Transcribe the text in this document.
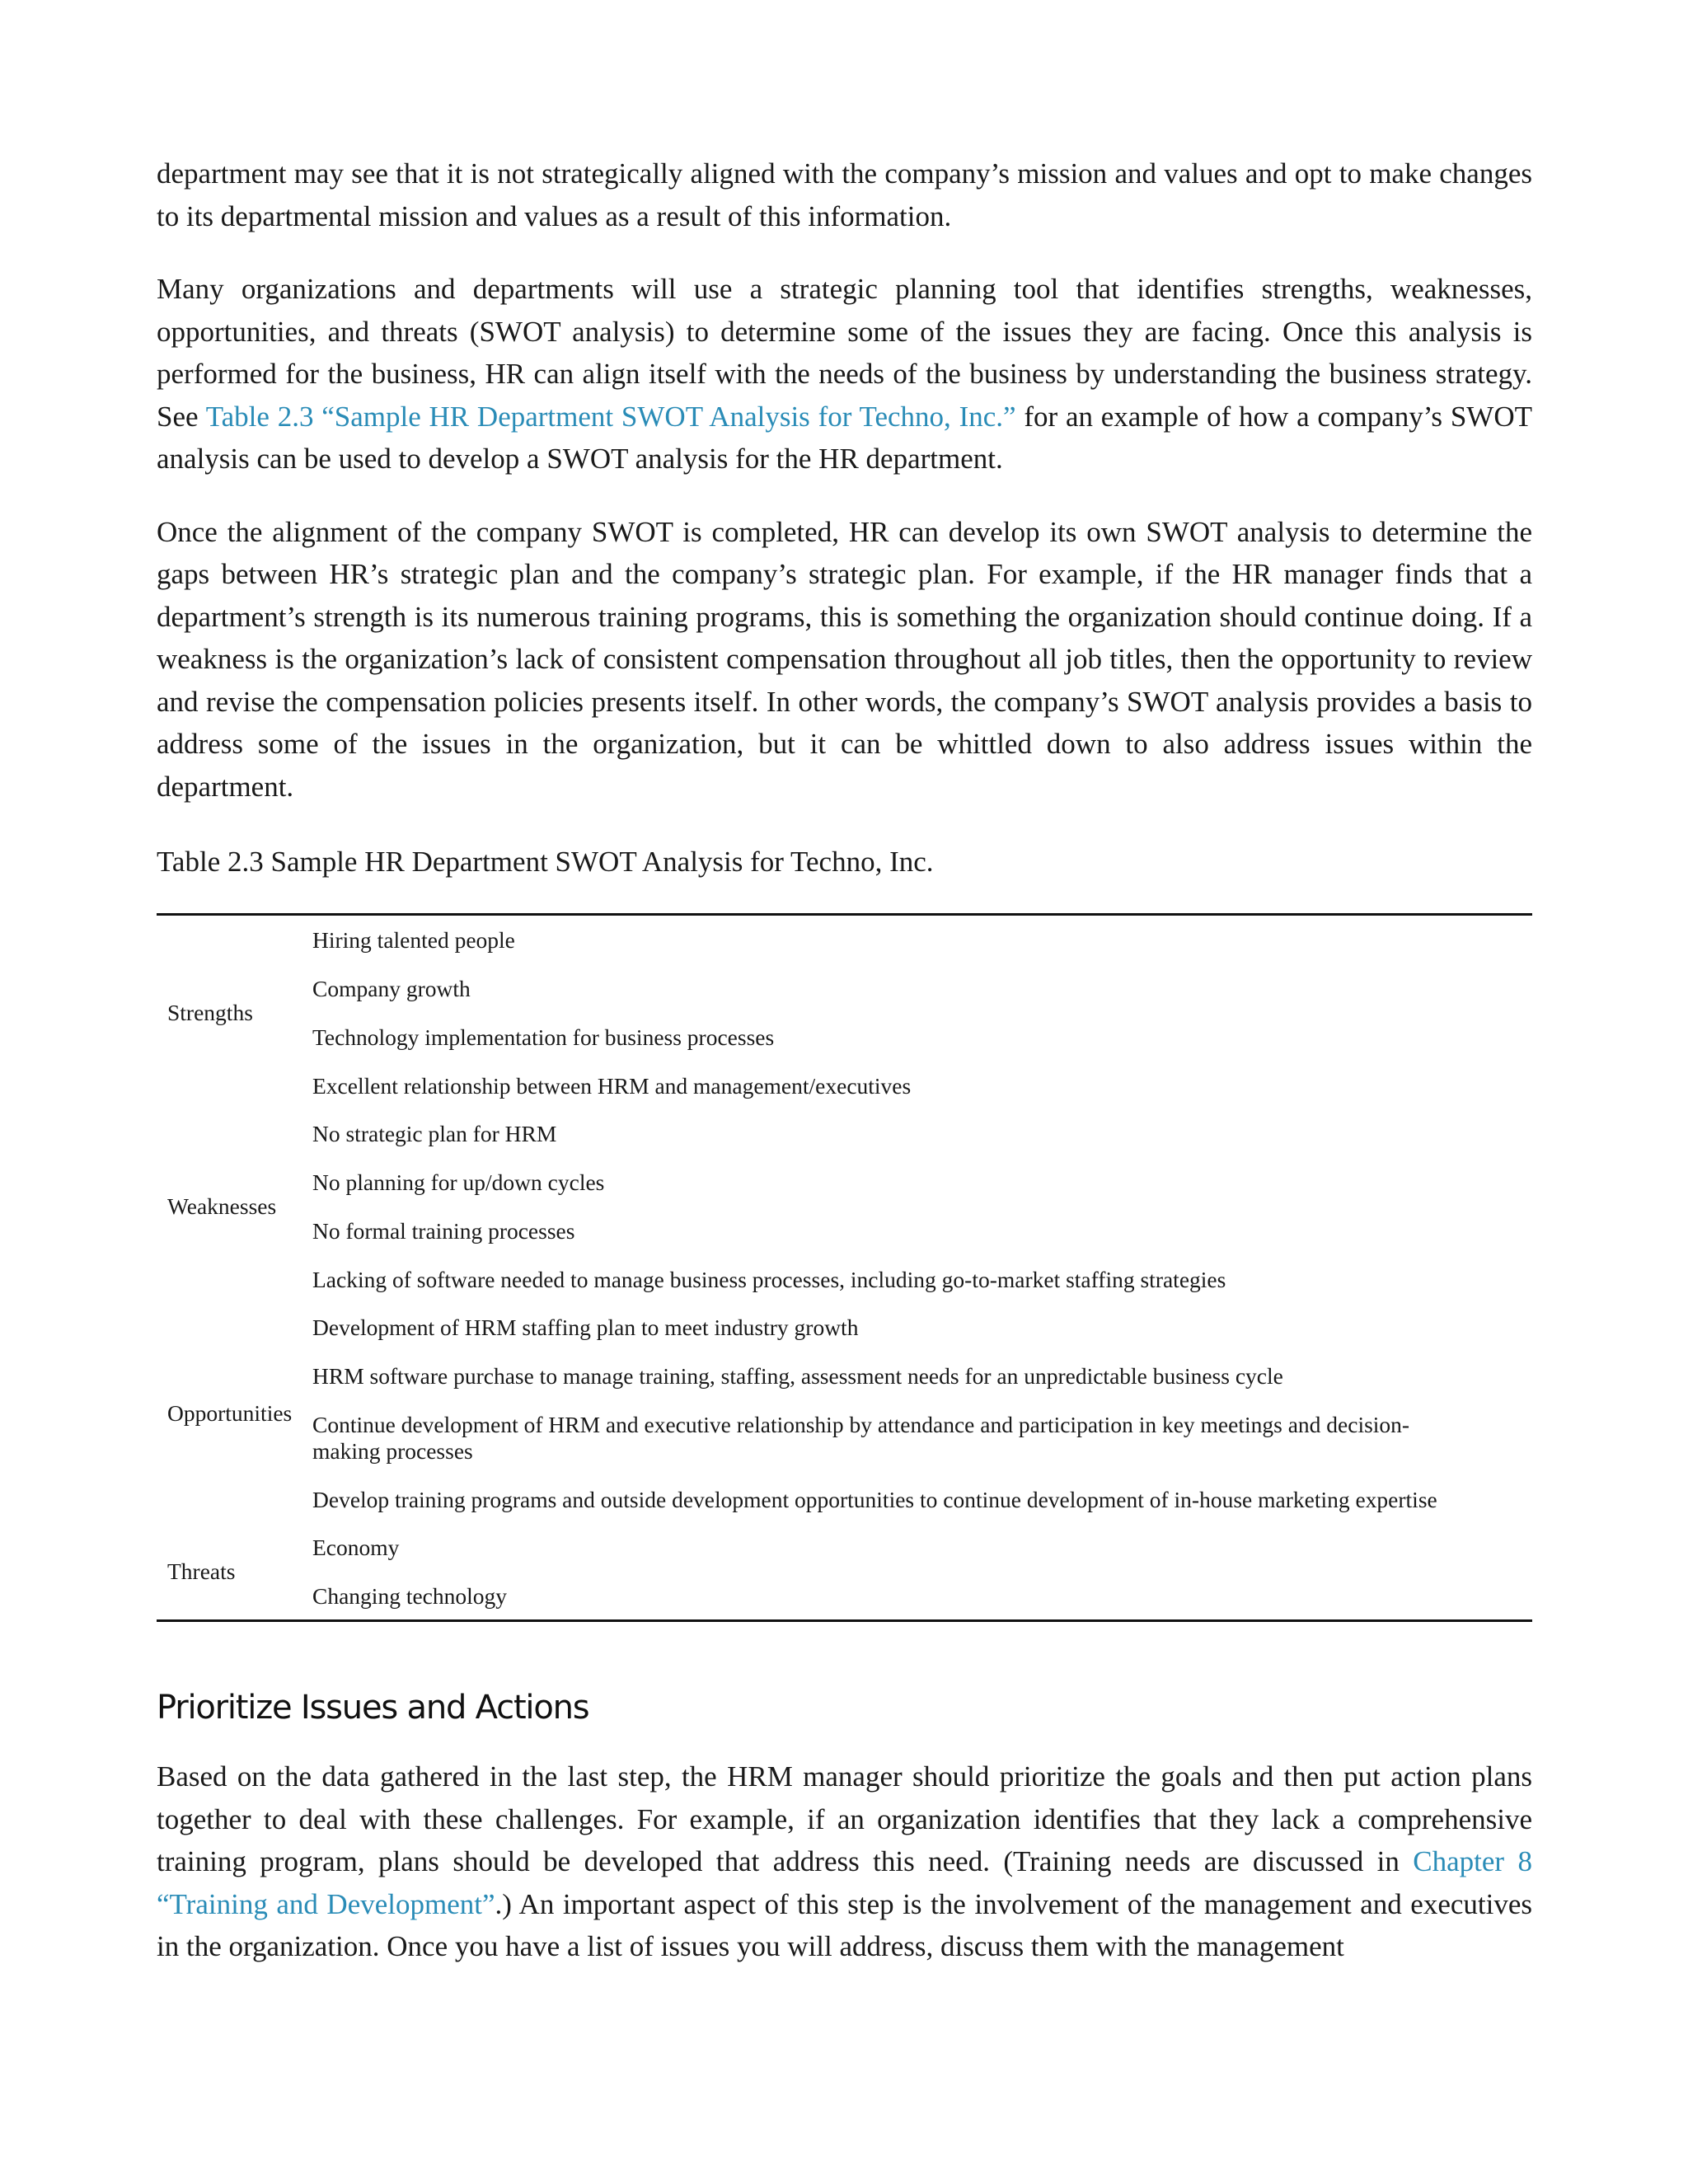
department may see that it is not strategically aligned with the company’s mission and values and opt to make changes to its departmental mission and values as a result of this information.

Many organizations and departments will use a strategic planning tool that identifies strengths, weaknesses, opportunities, and threats (SWOT analysis) to determine some of the issues they are facing. Once this analysis is performed for the business, HR can align itself with the needs of the business by understanding the business strategy. See Table 2.3 “Sample HR Department SWOT Analysis for Techno, Inc.” for an example of how a company’s SWOT analysis can be used to develop a SWOT analysis for the HR department.

Once the alignment of the company SWOT is completed, HR can develop its own SWOT analysis to determine the gaps between HR’s strategic plan and the company’s strategic plan. For example, if the HR manager finds that a department’s strength is its numerous training programs, this is something the organization should continue doing. If a weakness is the organization’s lack of consistent compensation throughout all job titles, then the opportunity to review and revise the compensation policies presents itself. In other words, the company’s SWOT analysis provides a basis to address some of the issues in the organization, but it can be whittled down to also address issues within the department.

Table 2.3 Sample HR Department SWOT Analysis for Techno, Inc.
Strengths	Hiring talented people
Company growth
Technology implementation for business processes
Excellent relationship between HRM and management/executives

Weaknesses	No strategic plan for HRM
No planning for up/down cycles
No formal training processes
Lacking of software needed to manage business processes, including go-to-market staffing strategies

Opportunities	Development of HRM staffing plan to meet industry growth
HRM software purchase to manage training, staffing, assessment needs for an unpredictable business cycle
Continue development of HRM and executive relationship by attendance and participation in key meetings and decision-making processes
Develop training programs and outside development opportunities to continue development of in-house marketing expertise

Threats	Economy
Changing technology
Prioritize Issues and Actions

Based on the data gathered in the last step, the HRM manager should prioritize the goals and then put action plans together to deal with these challenges. For example, if an organization identifies that they lack a comprehensive training program, plans should be developed that address this need. (Training needs are discussed in Chapter 8 “Training and Development”.) An important aspect of this step is the involvement of the management and executives in the organization. Once you have a list of issues you will address, discuss them with the management
